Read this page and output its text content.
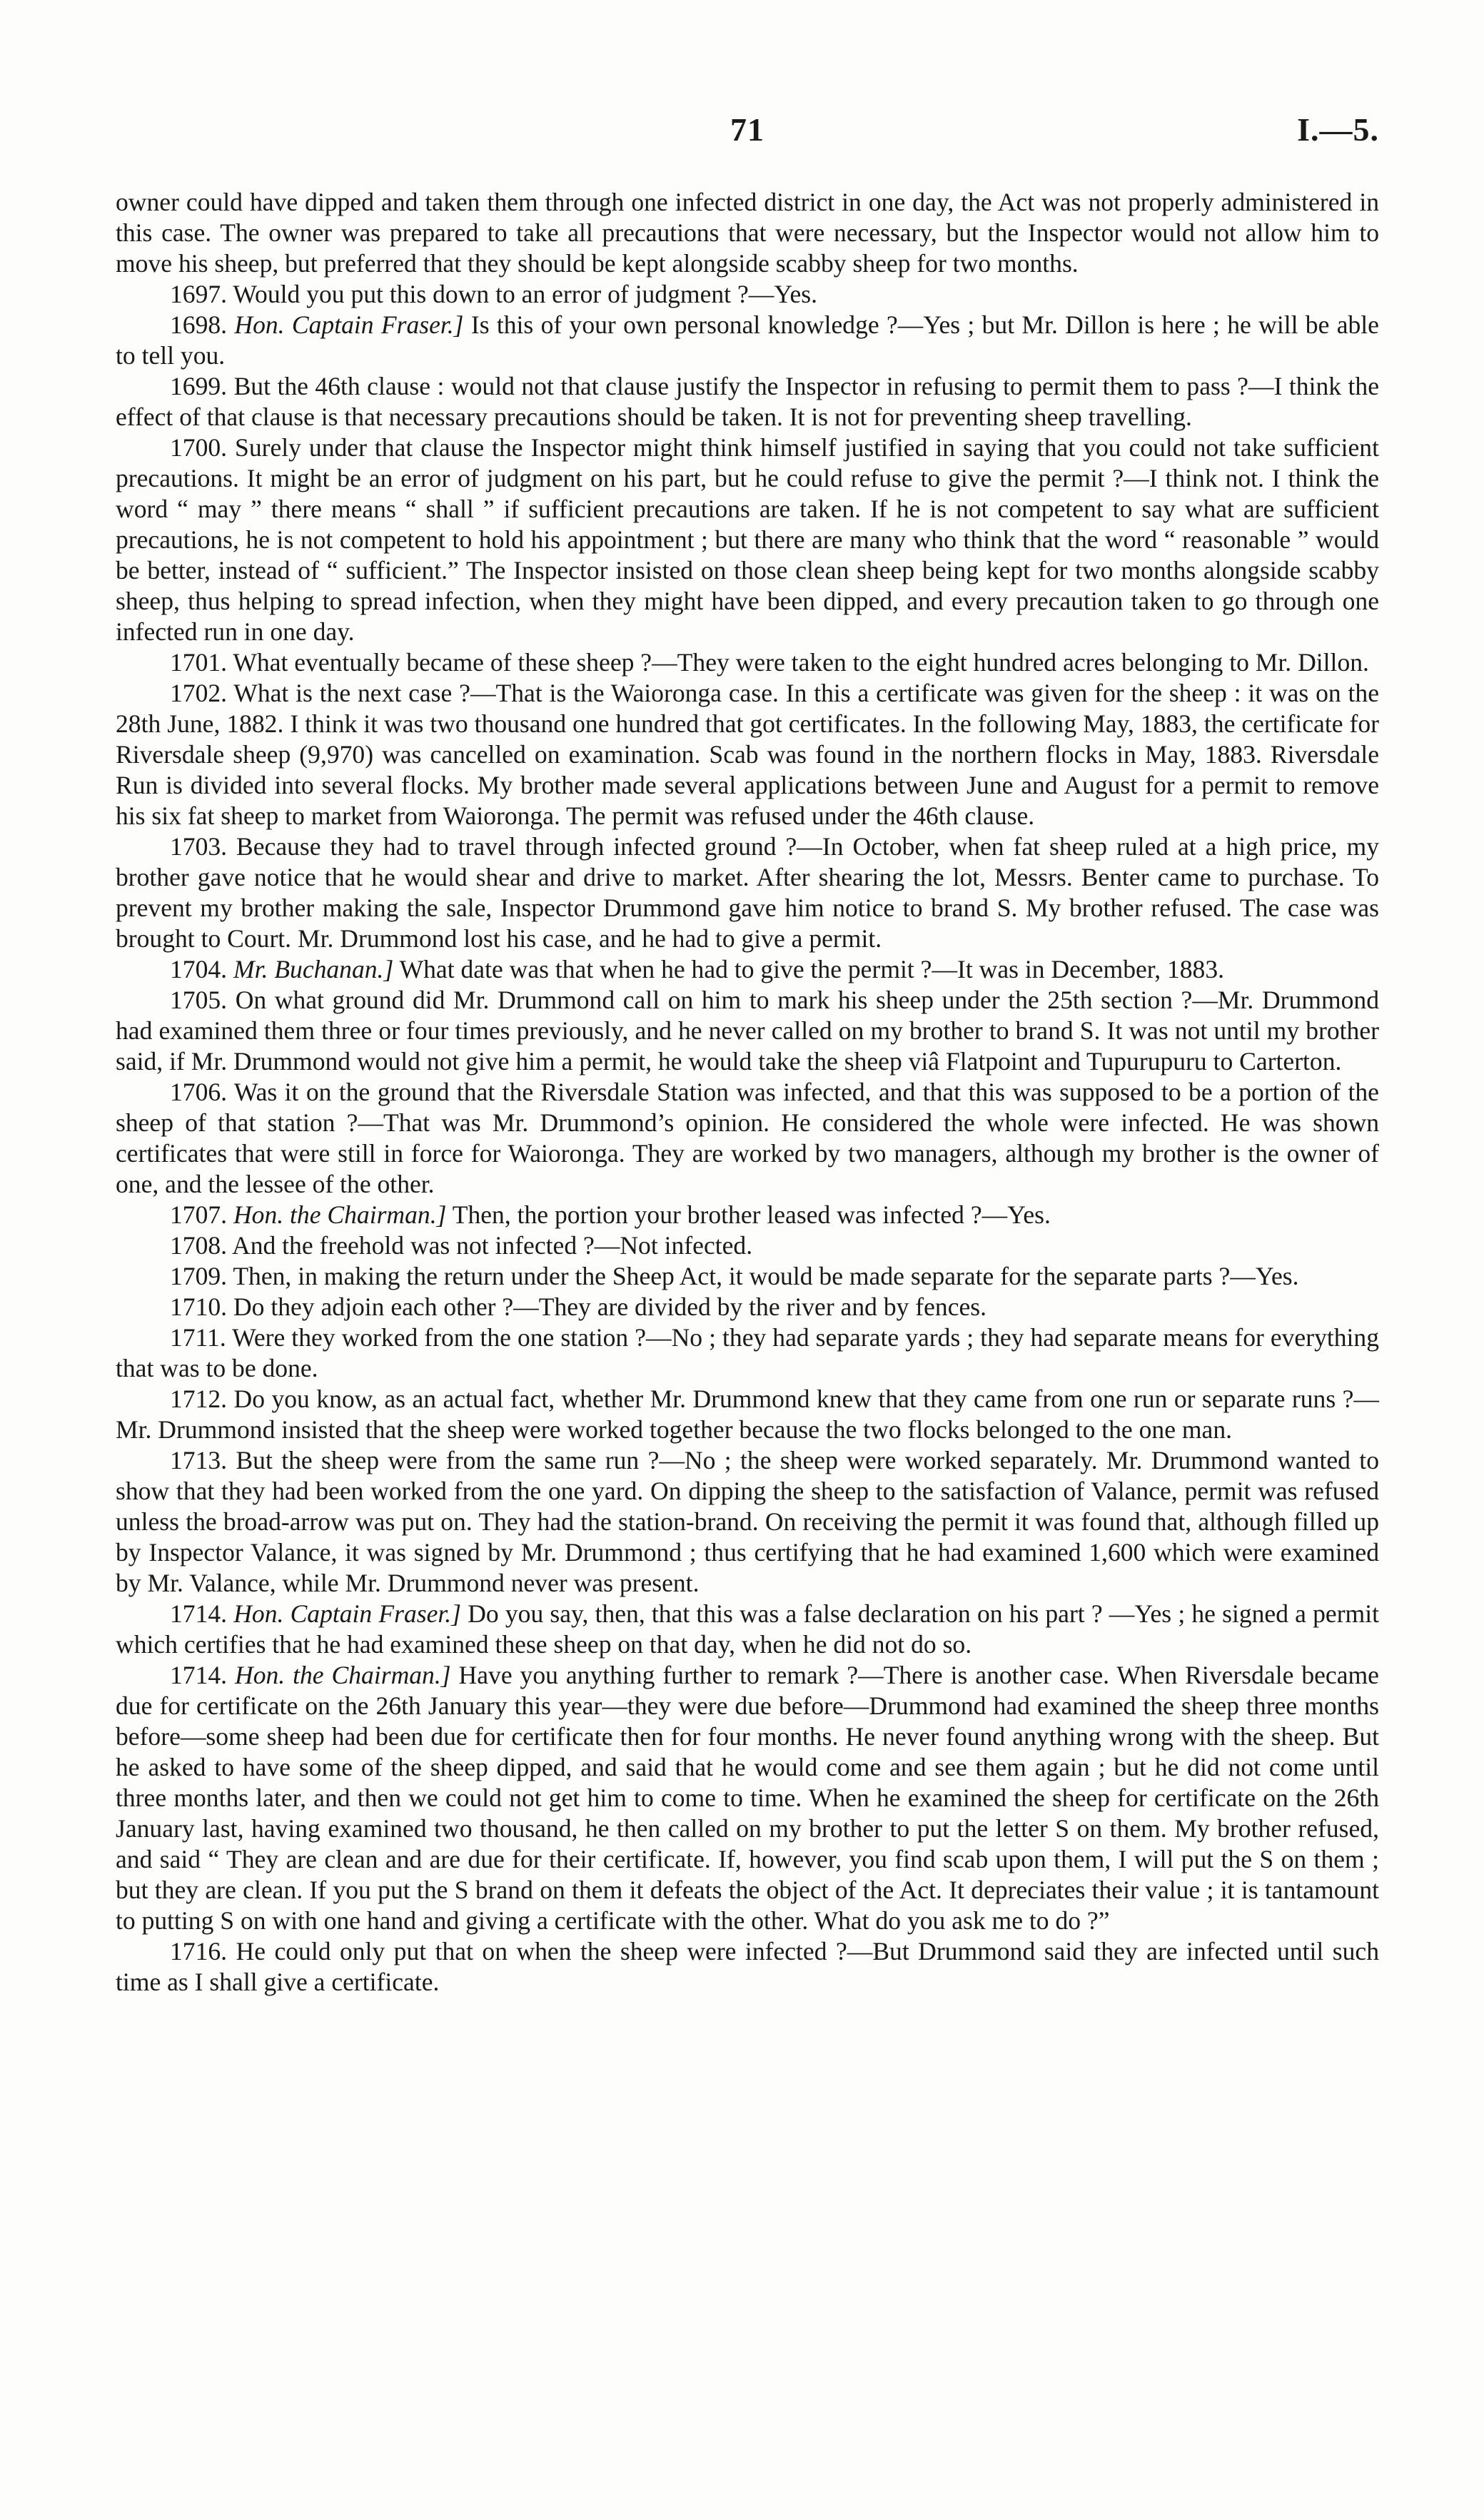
71	I.—5.

owner could have dipped and taken them through one infected district in one day, the Act was not properly administered in this case. The owner was prepared to take all precautions that were necessary, but the Inspector would not allow him to move his sheep, but preferred that they should be kept alongside scabby sheep for two months.

1697. Would you put this down to an error of judgment ?—Yes.

1698. Hon. Captain Fraser.] Is this of your own personal knowledge ?—Yes ; but Mr. Dillon is here ; he will be able to tell you.

1699. But the 46th clause : would not that clause justify the Inspector in refusing to permit them to pass ?—I think the effect of that clause is that necessary precautions should be taken. It is not for preventing sheep travelling.

1700. Surely under that clause the Inspector might think himself justified in saying that you could not take sufficient precautions. It might be an error of judgment on his part, but he could refuse to give the permit ?—I think not. I think the word “ may ” there means “ shall ” if sufficient precautions are taken. If he is not competent to say what are sufficient precautions, he is not competent to hold his appointment ; but there are many who think that the word “ reasonable ” would be better, instead of “ sufficient.” The Inspector insisted on those clean sheep being kept for two months alongside scabby sheep, thus helping to spread infection, when they might have been dipped, and every precaution taken to go through one infected run in one day.

1701. What eventually became of these sheep ?—They were taken to the eight hundred acres belonging to Mr. Dillon.

1702. What is the next case ?—That is the Waioronga case. In this a certificate was given for the sheep : it was on the 28th June, 1882. I think it was two thousand one hundred that got certificates. In the following May, 1883, the certificate for Riversdale sheep (9,970) was cancelled on examination. Scab was found in the northern flocks in May, 1883. Riversdale Run is divided into several flocks. My brother made several applications between June and August for a permit to remove his six fat sheep to market from Waioronga. The permit was refused under the 46th clause.

1703. Because they had to travel through infected ground ?—In October, when fat sheep ruled at a high price, my brother gave notice that he would shear and drive to market. After shearing the lot, Messrs. Benter came to purchase. To prevent my brother making the sale, Inspector Drummond gave him notice to brand S. My brother refused. The case was brought to Court. Mr. Drummond lost his case, and he had to give a permit.

1704. Mr. Buchanan.] What date was that when he had to give the permit ?—It was in December, 1883.

1705. On what ground did Mr. Drummond call on him to mark his sheep under the 25th section ?—Mr. Drummond had examined them three or four times previously, and he never called on my brother to brand S. It was not until my brother said, if Mr. Drummond would not give him a permit, he would take the sheep viâ Flatpoint and Tupurupuru to Carterton.

1706. Was it on the ground that the Riversdale Station was infected, and that this was supposed to be a portion of the sheep of that station ?—That was Mr. Drummond’s opinion. He considered the whole were infected. He was shown certificates that were still in force for Waioronga. They are worked by two managers, although my brother is the owner of one, and the lessee of the other.

1707. Hon. the Chairman.] Then, the portion your brother leased was infected ?—Yes.

1708. And the freehold was not infected ?—Not infected.

1709. Then, in making the return under the Sheep Act, it would be made separate for the separate parts ?—Yes.

1710. Do they adjoin each other ?—They are divided by the river and by fences.

1711. Were they worked from the one station ?—No ; they had separate yards ; they had separate means for everything that was to be done.

1712. Do you know, as an actual fact, whether Mr. Drummond knew that they came from one run or separate runs ?—Mr. Drummond insisted that the sheep were worked together because the two flocks belonged to the one man.

1713. But the sheep were from the same run ?—No ; the sheep were worked separately. Mr. Drummond wanted to show that they had been worked from the one yard. On dipping the sheep to the satisfaction of Valance, permit was refused unless the broad-arrow was put on. They had the station-brand. On receiving the permit it was found that, although filled up by Inspector Valance, it was signed by Mr. Drummond ; thus certifying that he had examined 1,600 which were examined by Mr. Valance, while Mr. Drummond never was present.

1714. Hon. Captain Fraser.] Do you say, then, that this was a false declaration on his part ? —Yes ; he signed a permit which certifies that he had examined these sheep on that day, when he did not do so.

1714. Hon. the Chairman.] Have you anything further to remark ?—There is another case. When Riversdale became due for certificate on the 26th January this year—they were due before—Drummond had examined the sheep three months before—some sheep had been due for certificate then for four months. He never found anything wrong with the sheep. But he asked to have some of the sheep dipped, and said that he would come and see them again ; but he did not come until three months later, and then we could not get him to come to time. When he examined the sheep for certificate on the 26th January last, having examined two thousand, he then called on my brother to put the letter S on them. My brother refused, and said “ They are clean and are due for their certificate. If, however, you find scab upon them, I will put the S on them ; but they are clean. If you put the S brand on them it defeats the object of the Act. It depreciates their value ; it is tantamount to putting S on with one hand and giving a certificate with the other. What do you ask me to do ?”

1716. He could only put that on when the sheep were infected ?—But Drummond said they are infected until such time as I shall give a certificate.
